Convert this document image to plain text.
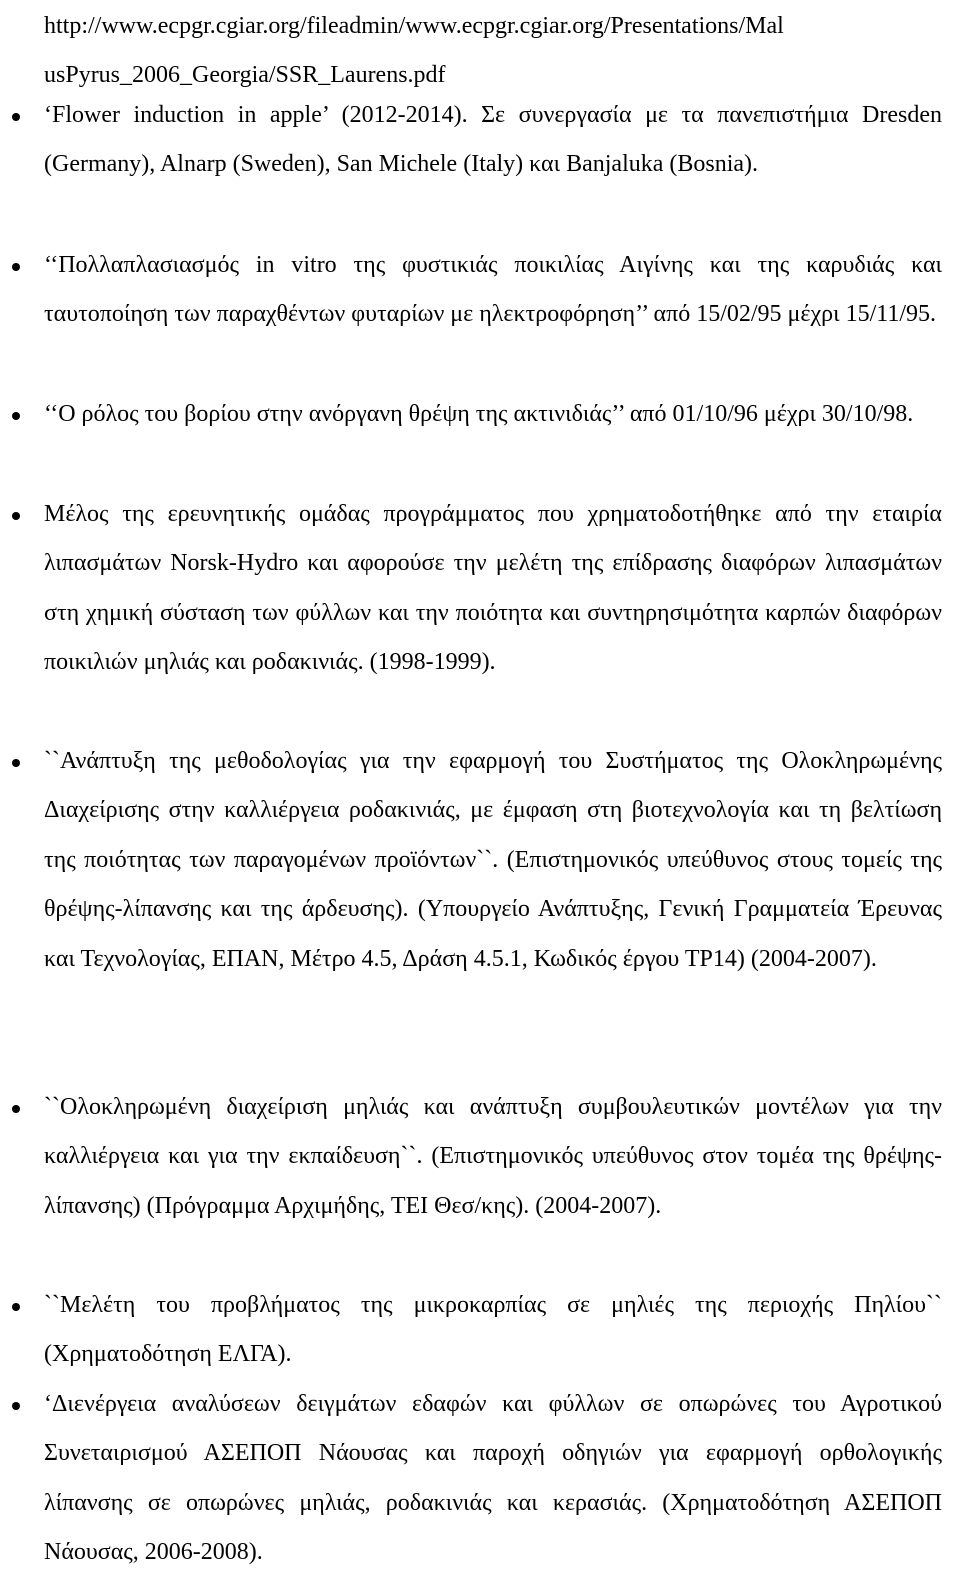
http://www.ecpgr.cgiar.org/fileadmin/www.ecpgr.cgiar.org/Presentations/Mal
usPyrus_2006_Georgia/SSR_Laurens.pdf
‘Flower induction in apple’ (2012-2014). Σε συνεργασία με τα πανεπιστήμια Dresden (Germany), Alnarp (Sweden), San Michele (Italy) και Banjaluka (Bosnia).
‘‘Πολλαπλασιασμός in vitro της φυστικιάς ποικιλίας Αιγίνης και της καρυδιάς και ταυτοποίηση των παραχθέντων φυταρίων με ηλεκτροφόρηση’’ από 15/02/95 μέχρι 15/11/95.
‘‘Ο ρόλος του βορίου στην ανόργανη θρέψη της ακτινιδιάς’’ από 01/10/96 μέχρι 30/10/98.
Μέλος της ερευνητικής ομάδας προγράμματος που χρηματοδοτήθηκε από την εταιρία λιπασμάτων Norsk-Hydro και αφορούσε την μελέτη της επίδρασης διαφόρων λιπασμάτων στη χημική σύσταση των φύλλων και την ποιότητα και συντηρησιμότητα καρπών διαφόρων ποικιλιών μηλιάς και ροδακινιάς. (1998-1999).
``Ανάπτυξη της μεθοδολογίας για την εφαρμογή του Συστήματος της Ολοκληρωμένης Διαχείρισης στην καλλιέργεια ροδακινιάς, με έμφαση στη βιοτεχνολογία και τη βελτίωση της ποιότητας των παραγομένων προϊόντων``. (Επιστημονικός υπεύθυνος στους τομείς της θρέψης-λίπανσης και της άρδευσης). (Υπουργείο Ανάπτυξης, Γενική Γραμματεία Έρευνας και Τεχνολογίας, ΕΠΑΝ, Μέτρο 4.5, Δράση 4.5.1, Κωδικός έργου ΤΡ14) (2004-2007).
``Ολοκληρωμένη διαχείριση μηλιάς και ανάπτυξη συμβουλευτικών μοντέλων για την καλλιέργεια και για την εκπαίδευση``. (Επιστημονικός υπεύθυνος στον τομέα της θρέψης-λίπανσης) (Πρόγραμμα Αρχιμήδης, ΤΕΙ Θεσ/κης). (2004-2007).
``Μελέτη του προβλήματος της μικροκαρπίας σε μηλιές της περιοχής Πηλίου`` (Χρηματοδότηση ΕΛΓΑ).
‘Διενέργεια αναλύσεων δειγμάτων εδαφών και φύλλων σε οπωρώνες του Αγροτικού Συνεταιρισμού ΑΣΕΠΟΠ Νάουσας και παροχή οδηγιών για εφαρμογή ορθολογικής λίπανσης σε οπωρώνες μηλιάς, ροδακινιάς και κερασιάς. (Χρηματοδότηση ΑΣΕΠΟΠ Νάουσας, 2006-2008).
